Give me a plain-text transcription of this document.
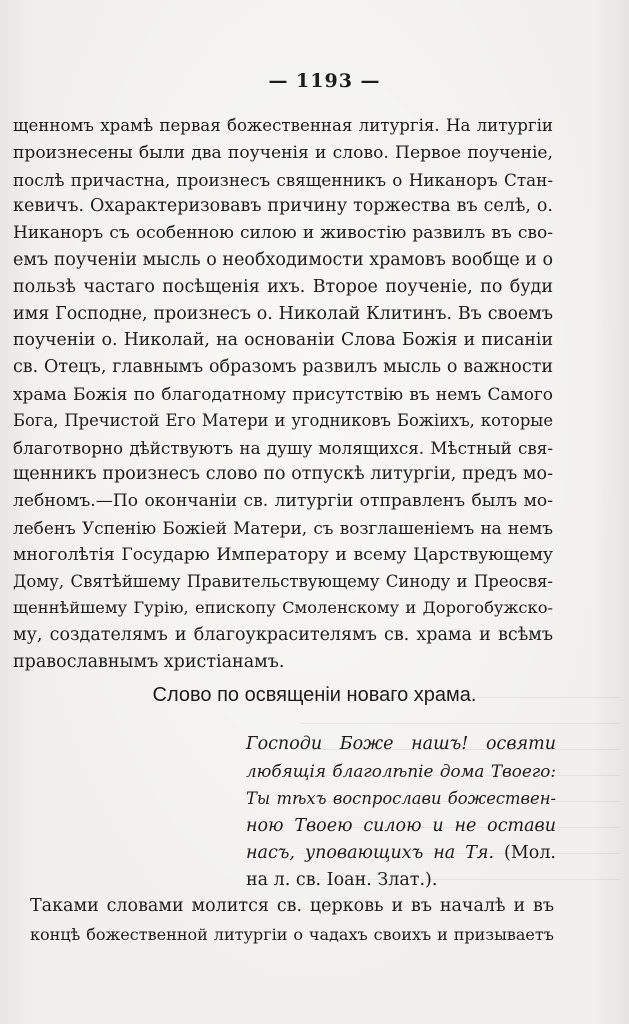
— 1193 —
щенномъ храмѣ первая божественная литургія. На литургіи
произнесены были два поученія и слово. Первое поученіе,
послѣ причастна, произнесъ священникъ о Никаноръ Стан-
кевичъ. Охарактеризовавъ причину торжества въ селѣ, о.
Никаноръ съ особенною силою и живостію развилъ въ сво-
емъ поученіи мысль о необходимости храмовъ вообще и о
пользѣ частаго посѣщенія ихъ. Второе поученіе, по буди
имя Господне, произнесъ о. Николай Клитинъ. Въ своемъ
поученіи о. Николай, на основаніи Слова Божія и писаніи
св. Отецъ, главнымъ образомъ развилъ мысль о важности
храма Божія по благодатному присутствію въ немъ Самого
Бога, Пречистой Его Матери и угодниковъ Божіихъ, которые
благотворно дѣйствуютъ на душу молящихся. Мѣстный свя-
щенникъ произнесъ слово по отпускѣ литургіи, предъ мо-
лебномъ.—По окончаніи св. литургіи отправленъ былъ мо-
лебенъ Успенію Божіей Матери, съ возглашеніемъ на немъ
многолѣтія Государю Императору и всему Царствующему
Дому, Святѣйшему Правительствующему Синоду и Преосвя-
щеннѣйшему Гурію, епископу Смоленскому и Дорогобужско-
му, создателямъ и благоукрасителямъ св. храма и всѣмъ
православнымъ христіанамъ.
Слово по освященіи новаго храма.
Господи Боже нашъ! освяти
любящія благолѣпіе дома Твоего:
Ты тѣхъ воспрослави божествен-
ною Твоею силою и не остави
насъ, уповающихъ на Тя. (Мол.
на л. св. Іоан. Злат.).
Таками словами молится св. церковь и въ началѣ и въ
концѣ божественной литургіи о чадахъ своихъ и призываетъ
